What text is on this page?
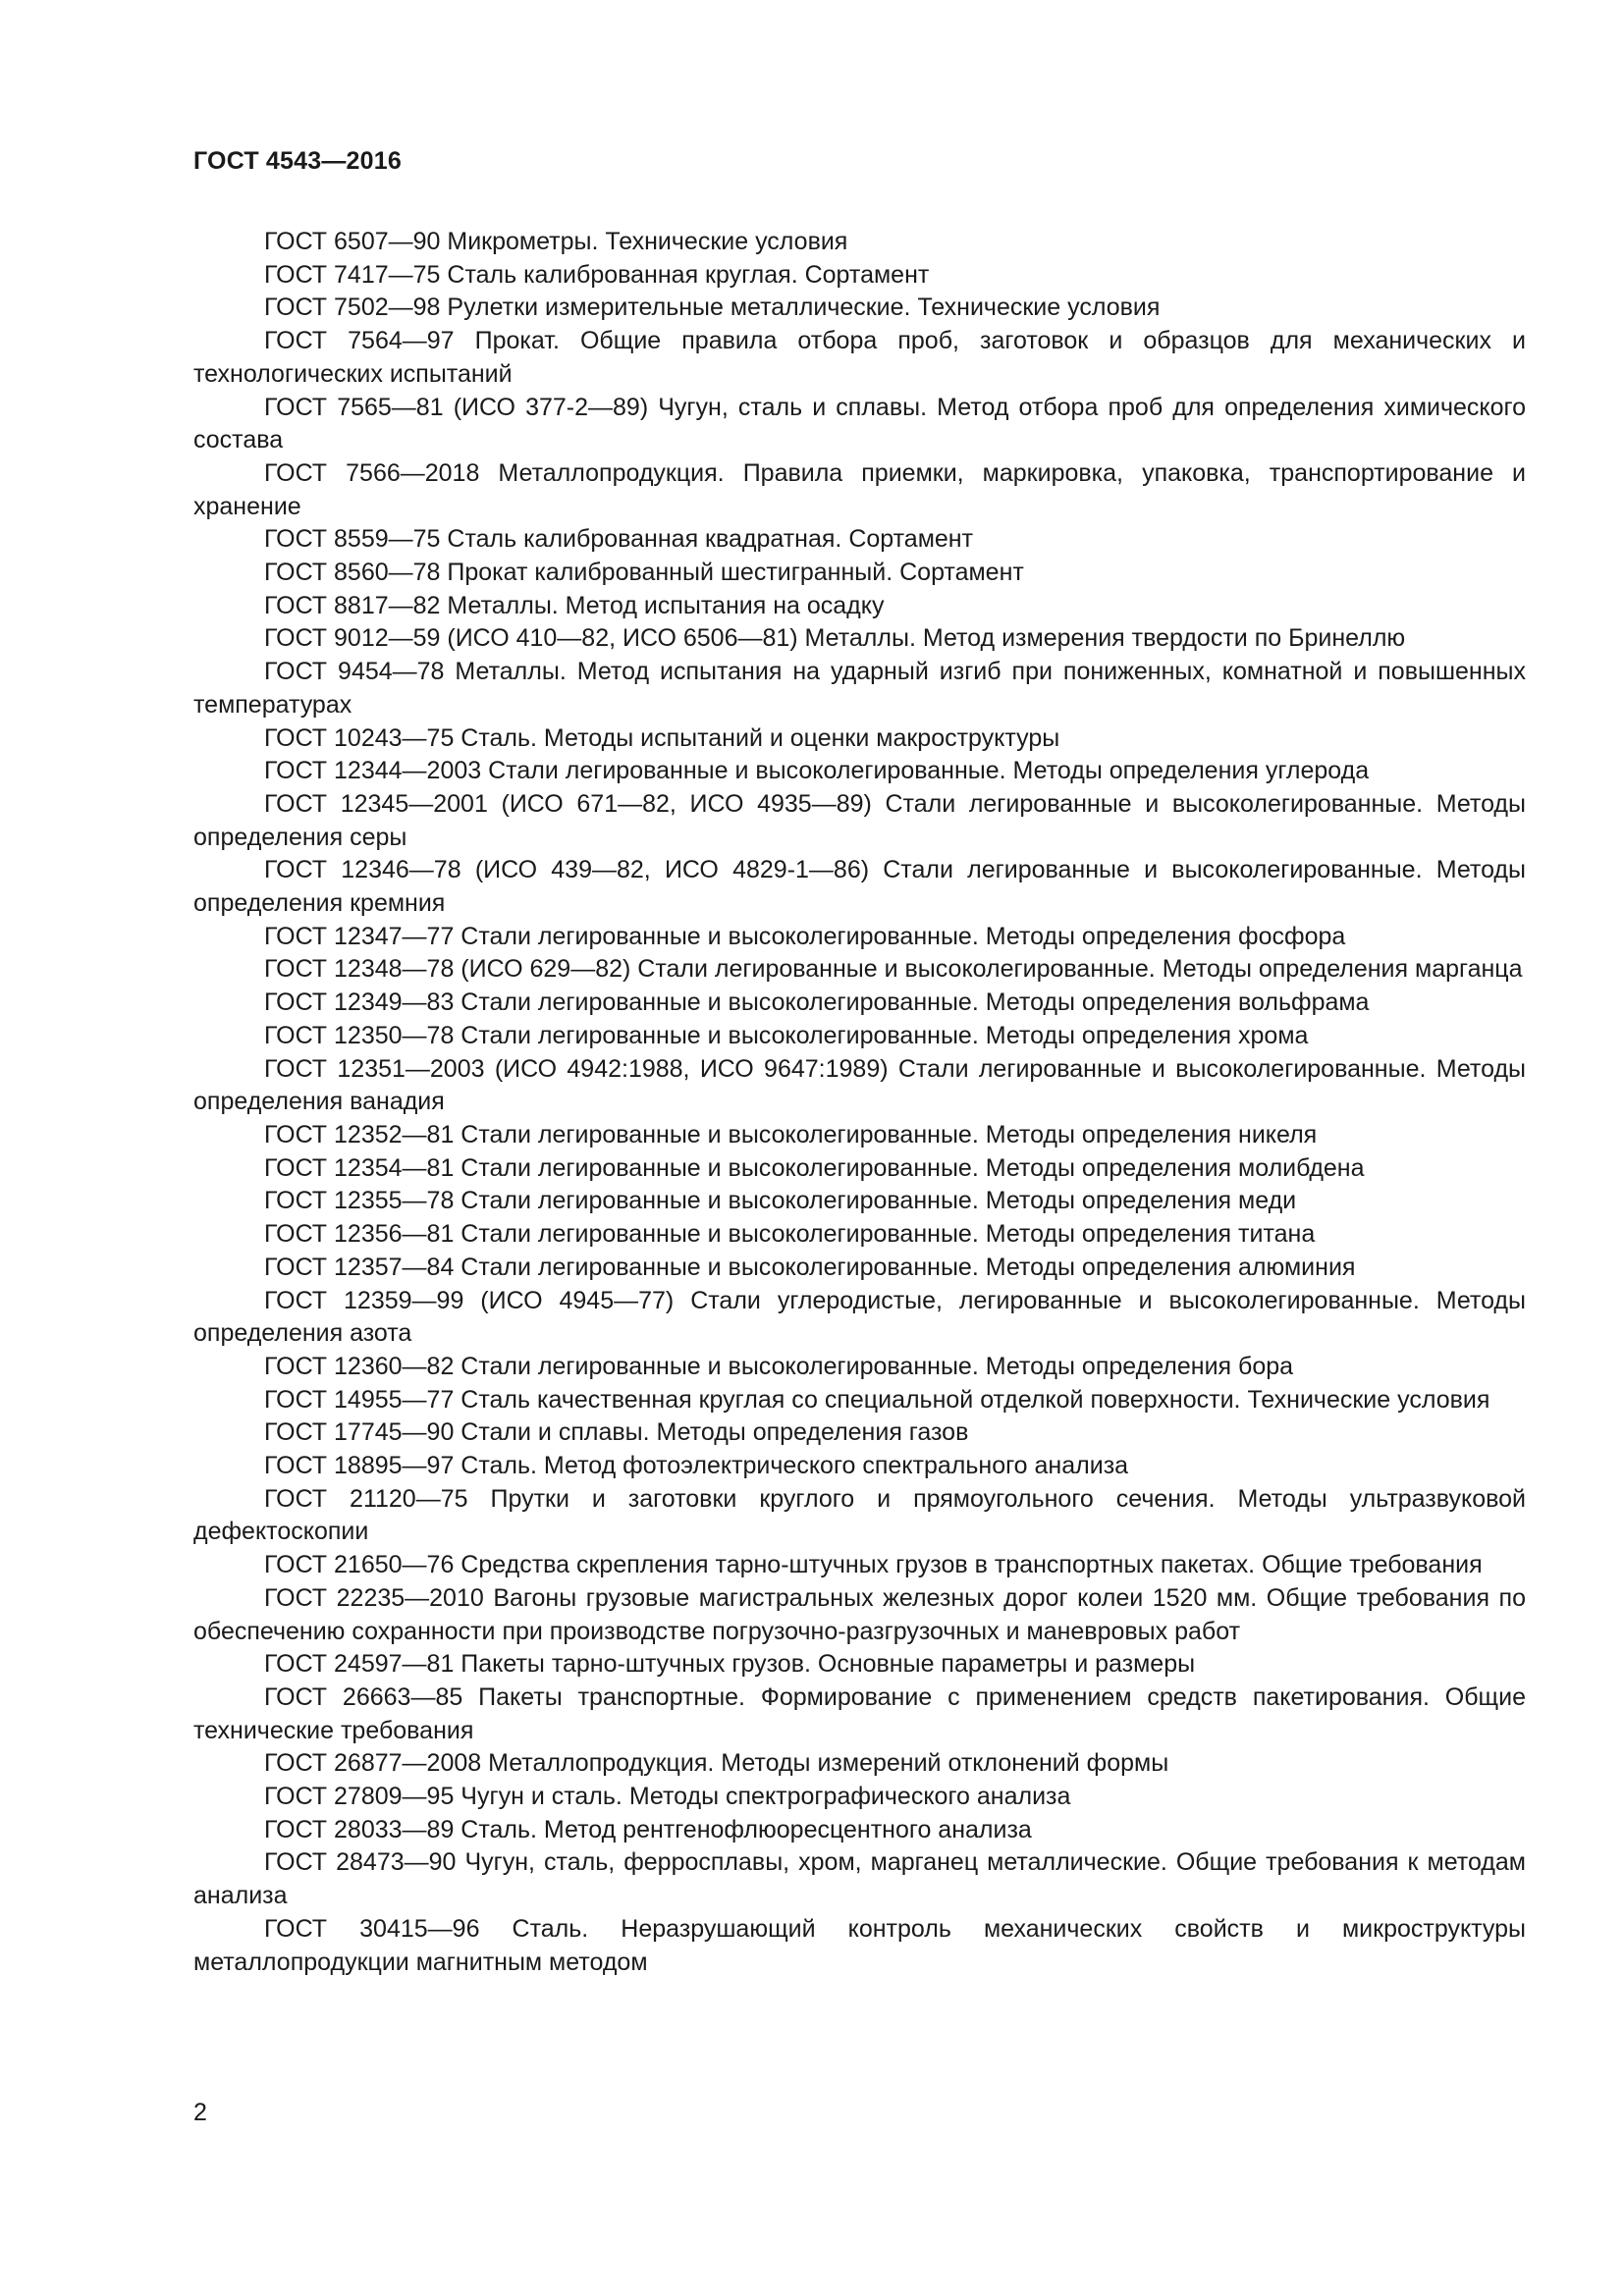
ГОСТ 4543—2016
ГОСТ 6507—90 Микрометры. Технические условия
ГОСТ 7417—75 Сталь калиброванная круглая. Сортамент
ГОСТ 7502—98 Рулетки измерительные металлические. Технические условия
ГОСТ 7564—97 Прокат. Общие правила отбора проб, заготовок и образцов для механических и технологических испытаний
ГОСТ 7565—81 (ИСО 377-2—89) Чугун, сталь и сплавы. Метод отбора проб для определения химического состава
ГОСТ 7566—2018 Металлопродукция. Правила приемки, маркировка, упаковка, транспортирование и хранение
ГОСТ 8559—75 Сталь калиброванная квадратная. Сортамент
ГОСТ 8560—78 Прокат калиброванный шестигранный. Сортамент
ГОСТ 8817—82 Металлы. Метод испытания на осадку
ГОСТ 9012—59 (ИСО 410—82, ИСО 6506—81) Металлы. Метод измерения твердости по Бринеллю
ГОСТ 9454—78 Металлы. Метод испытания на ударный изгиб при пониженных, комнатной и повышенных температурах
ГОСТ 10243—75 Сталь. Методы испытаний и оценки макроструктуры
ГОСТ 12344—2003 Стали легированные и высоколегированные. Методы определения углерода
ГОСТ 12345—2001 (ИСО 671—82, ИСО 4935—89) Стали легированные и высоколегированные. Методы определения серы
ГОСТ 12346—78 (ИСО 439—82, ИСО 4829-1—86) Стали легированные и высоколегированные. Методы определения кремния
ГОСТ 12347—77 Стали легированные и высоколегированные. Методы определения фосфора
ГОСТ 12348—78 (ИСО 629—82) Стали легированные и высоколегированные. Методы определения марганца
ГОСТ 12349—83 Стали легированные и высоколегированные. Методы определения вольфрама
ГОСТ 12350—78 Стали легированные и высоколегированные. Методы определения хрома
ГОСТ 12351—2003 (ИСО 4942:1988, ИСО 9647:1989) Стали легированные и высоколегированные. Методы определения ванадия
ГОСТ 12352—81 Стали легированные и высоколегированные. Методы определения никеля
ГОСТ 12354—81 Стали легированные и высоколегированные. Методы определения молибдена
ГОСТ 12355—78 Стали легированные и высоколегированные. Методы определения меди
ГОСТ 12356—81 Стали легированные и высоколегированные. Методы определения титана
ГОСТ 12357—84 Стали легированные и высоколегированные. Методы определения алюминия
ГОСТ 12359—99 (ИСО 4945—77) Стали углеродистые, легированные и высоколегированные. Методы определения азота
ГОСТ 12360—82 Стали легированные и высоколегированные. Методы определения бора
ГОСТ 14955—77 Сталь качественная круглая со специальной отделкой поверхности. Технические условия
ГОСТ 17745—90 Стали и сплавы. Методы определения газов
ГОСТ 18895—97 Сталь. Метод фотоэлектрического спектрального анализа
ГОСТ 21120—75 Прутки и заготовки круглого и прямоугольного сечения. Методы ультразвуковой дефектоскопии
ГОСТ 21650—76 Средства скрепления тарно-штучных грузов в транспортных пакетах. Общие требования
ГОСТ 22235—2010 Вагоны грузовые магистральных железных дорог колеи 1520 мм. Общие требования по обеспечению сохранности при производстве погрузочно-разгрузочных и маневровых работ
ГОСТ 24597—81 Пакеты тарно-штучных грузов. Основные параметры и размеры
ГОСТ 26663—85 Пакеты транспортные. Формирование с применением средств пакетирования. Общие технические требования
ГОСТ 26877—2008 Металлопродукция. Методы измерений отклонений формы
ГОСТ 27809—95 Чугун и сталь. Методы спектрографического анализа
ГОСТ 28033—89 Сталь. Метод рентгенофлюоресцентного анализа
ГОСТ 28473—90 Чугун, сталь, ферросплавы, хром, марганец металлические. Общие требования к методам анализа
ГОСТ 30415—96 Сталь. Неразрушающий контроль механических свойств и микроструктуры металлопродукции магнитным методом

2
